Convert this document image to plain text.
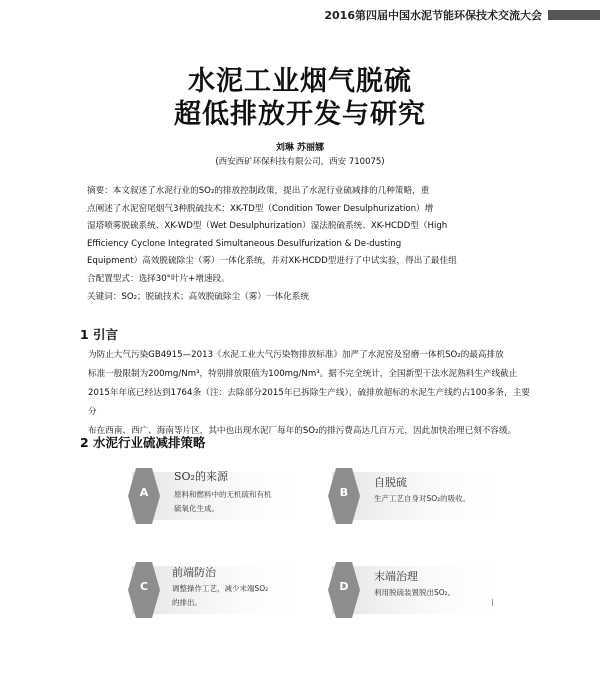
2016第四届中国水泥节能环保技术交流大会
水泥工业烟气脱硫
超低排放开发与研究
刘琳 苏丽娜
(西安西矿环保科技有限公司，西安 710075)

摘要：本文叙述了水泥行业的SO₂的排放控制政策，提出了水泥行业硫减排的几种策略，重

点阐述了水泥窑尾烟气3种脱硫技术：XK-TD型（Condition Tower Desulphurization）增

湿塔喷雾脱硫系统、XK-WD型（Wet Desulphurization）湿法脱硫系统、XK-HCDD型（High

Efficiency Cyclone Integrated Simultaneous Desulfurization & De-dusting

Equipment）高效脱硫除尘（雾）一体化系统，并对XK-HCDD型进行了中试实验，得出了最佳组

合配置型式：选择30°叶片+增速段。

关键词：SO₂；脱硫技术；高效脱硫除尘（雾）一体化系统

1 引言
为防止大气污染GB4915—2013《水泥工业大气污染物排放标准》加严了水泥窑及窑磨一体机SO₂的最高排放
标准一般限制为200mg/Nm³，特别排放限值为100mg/Nm³。据不完全统计，全国新型干法水泥熟料生产线截止
2015年年底已经达到1764条（注：去除部分2015年已拆除生产线），硫排放超标的水泥生产线约占100多条，主要分
布在西南、西广、海南等片区，其中也出现水泥厂每年的SO₂的排污费高达几百万元，因此加快治理已刻不容缓。
2 水泥行业硫减排策略
A
SO₂的来源
原料和燃料中的无机硫和有机
硫氧化生成。
B
自脱硫
生产工艺自身对SO₂的吸收。
C
前端防治
调整操作工艺，减少末端SO₂
的排出。
D
末端治理
利用脱硫装置脱出SO₂。
